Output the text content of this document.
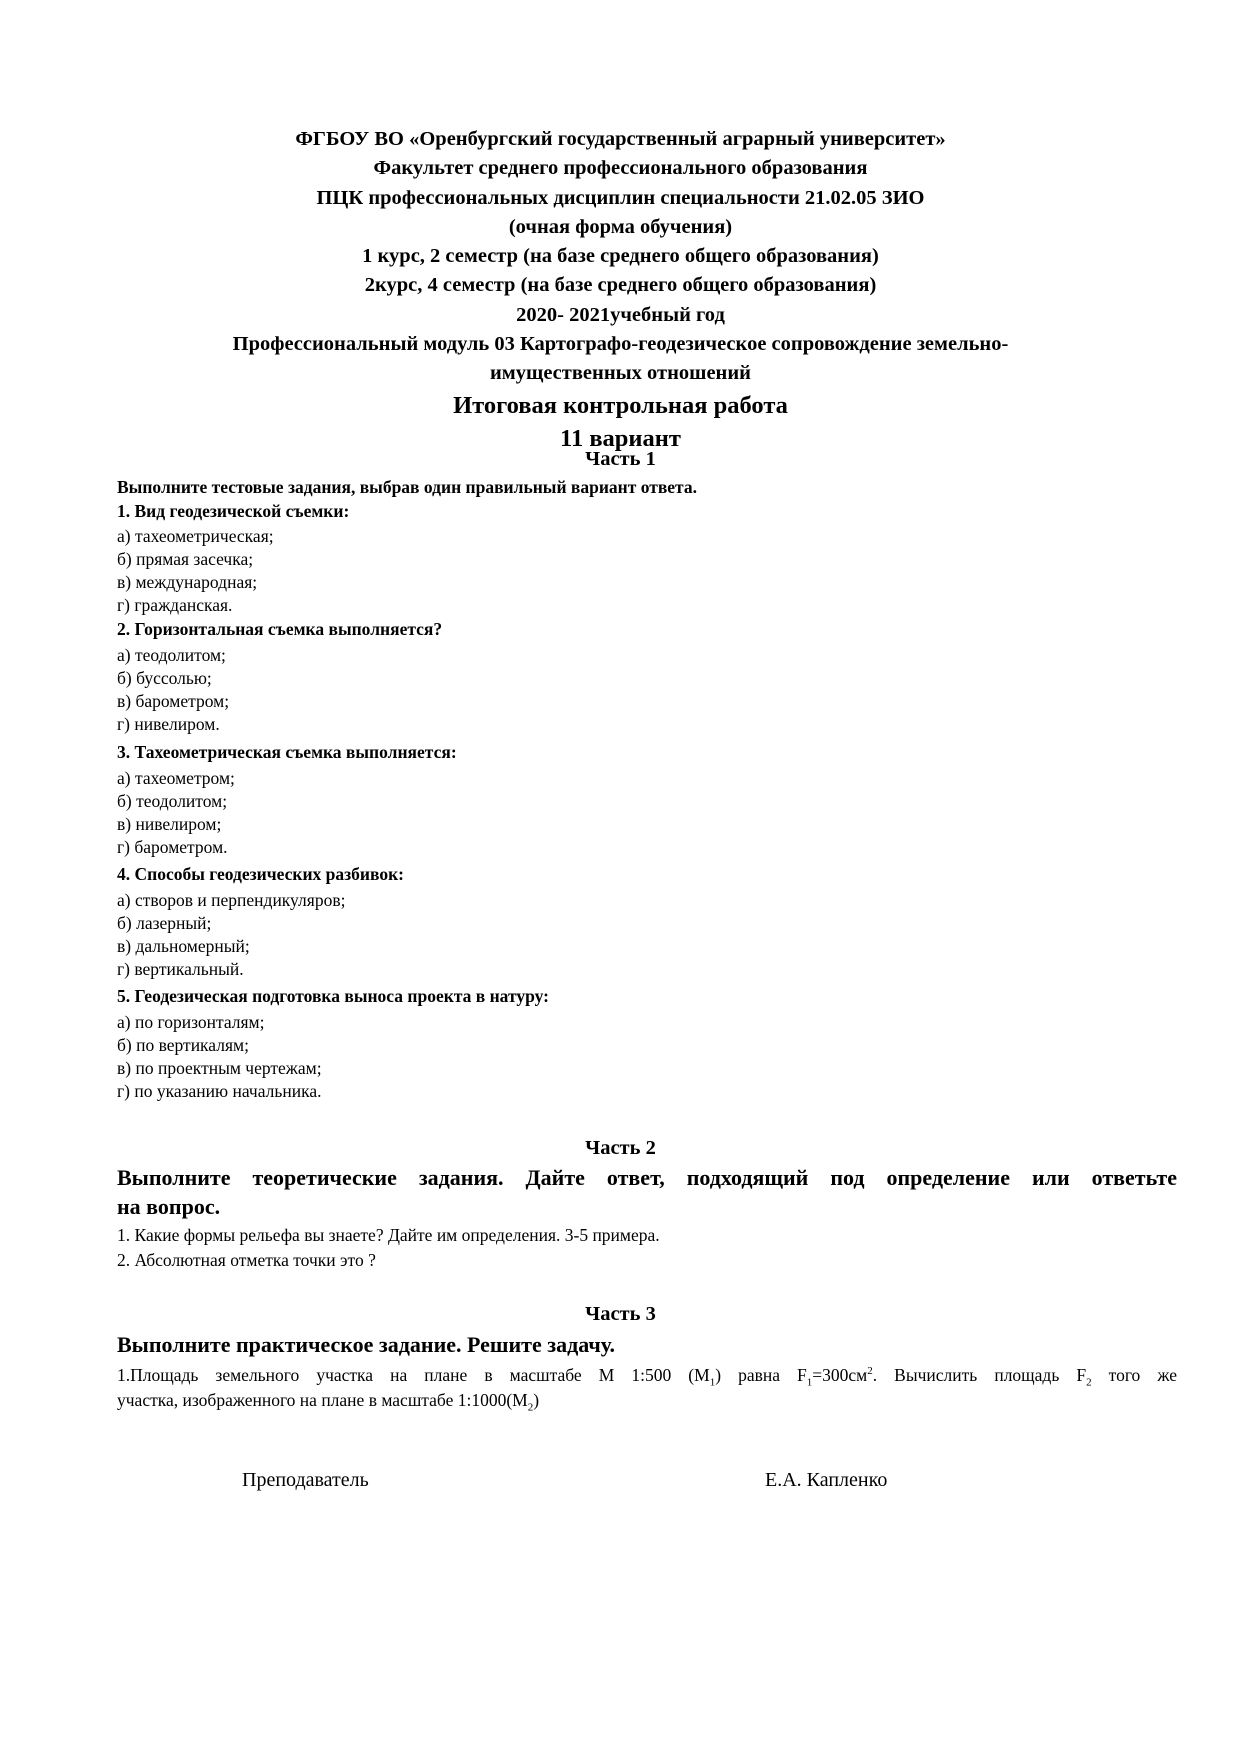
ФГБОУ ВО «Оренбургский государственный аграрный университет»
Факультет среднего профессионального образования
ПЦК профессиональных дисциплин специальности 21.02.05 ЗИО
(очная форма обучения)
1 курс, 2 семестр (на базе среднего общего образования)
2курс, 4 семестр (на базе среднего общего образования)
2020- 2021учебный год
Профессиональный модуль 03 Картографо-геодезическое сопровождение земельно-
имущественных отношений
Итоговая контрольная работа
11 вариант
Часть 1
Выполните тестовые задания, выбрав один правильный вариант ответа.
1. Вид геодезической съемки:
а) тахеометрическая;
б) прямая засечка;
в) международная;
г) гражданская.
2. Горизонтальная съемка выполняется?
а) теодолитом;
б) буссолью;
в) барометром;
г) нивелиром.
3. Тахеометрическая съемка выполняется:
а) тахеометром;
б) теодолитом;
в) нивелиром;
г) барометром.
4. Способы геодезических разбивок:
а) створов и перпендикуляров;
б) лазерный;
в) дальномерный;
г) вертикальный.
5. Геодезическая подготовка выноса проекта в натуру:
а) по горизонталям;
б) по вертикалям;
в) по проектным чертежам;
г) по указанию начальника.
Часть 2
Выполните теоретические задания. Дайте ответ, подходящий под определение или ответьте
на вопрос.
1. Какие формы рельефа вы знаете? Дайте им определения. 3-5 примера.
2. Абсолютная отметка точки это ?
Часть 3
Выполните практическое задание. Решите задачу.
1.Площадь земельного участка на плане в масштабе М 1:500 $(М_1)$ равна $F_1=300см^2$. Вычислить площадь $F_2$ того же
участка, изображенного на плане в масштабе $1:1000(М_2)$
Преподаватель	Е.А. Капленко
